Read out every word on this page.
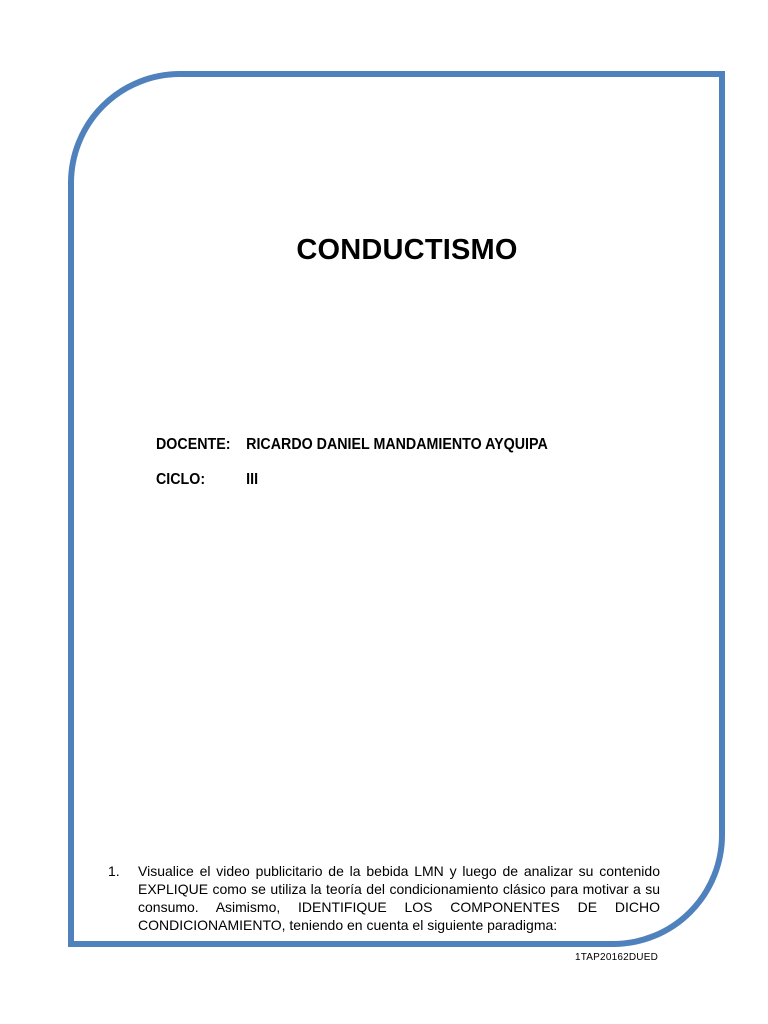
CONDUCTISMO
DOCENTE: RICARDO DANIEL MANDAMIENTO AYQUIPA
CICLO:	III
1. Visualice el video publicitario de la bebida LMN y luego de analizar su contenido EXPLIQUE como se utiliza la teoría del condicionamiento clásico para motivar a su consumo. Asimismo, IDENTIFIQUE LOS COMPONENTES DE DICHO CONDICIONAMIENTO, teniendo en cuenta el siguiente paradigma:
1TAP20162DUED
